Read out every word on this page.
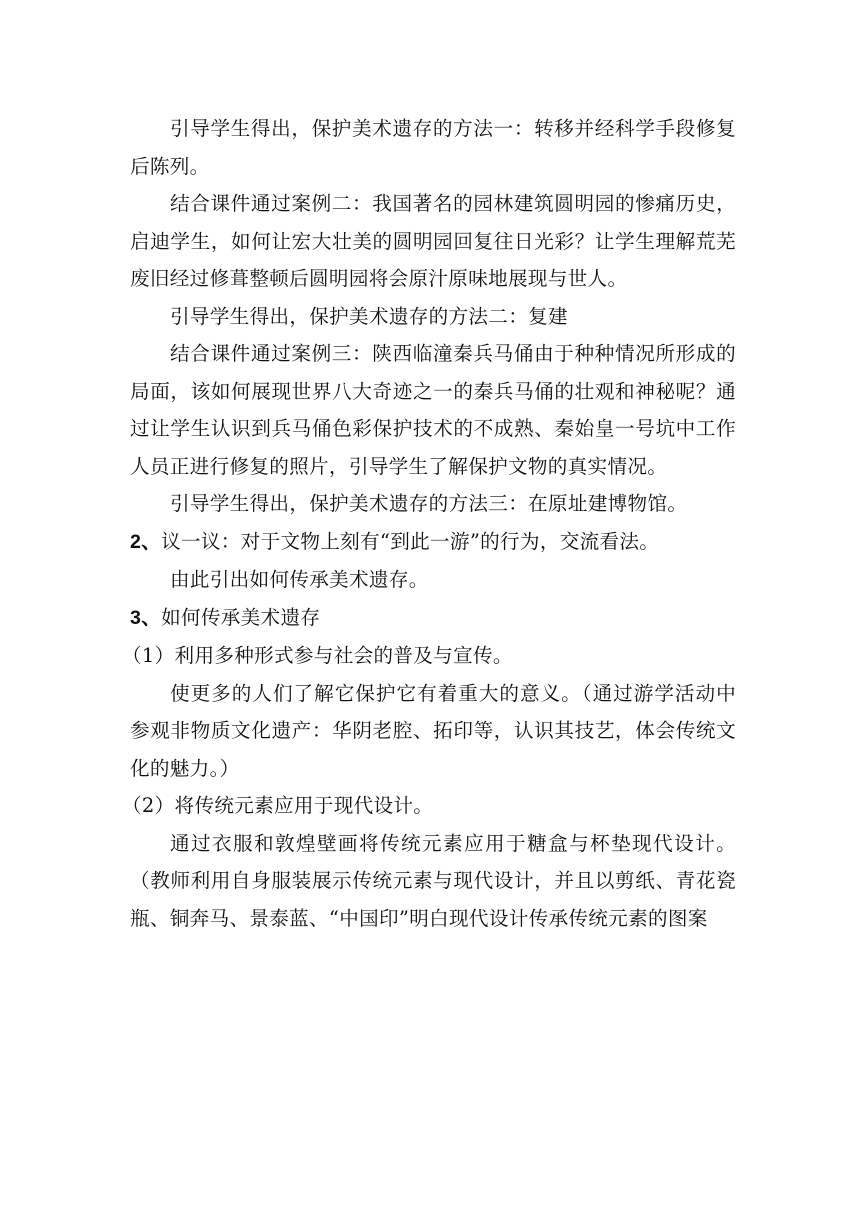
引导学生得出，保护美术遗存的方法一：转移并经科学手段修复后陈列。

结合课件通过案例二：我国著名的园林建筑圆明园的惨痛历史，启迪学生，如何让宏大壮美的圆明园回复往日光彩？让学生理解荒芜废旧经过修葺整顿后圆明园将会原汁原味地展现与世人。

引导学生得出，保护美术遗存的方法二：复建

结合课件通过案例三：陕西临潼秦兵马俑由于种种情况所形成的局面，该如何展现世界八大奇迹之一的秦兵马俑的壮观和神秘呢？通过让学生认识到兵马俑色彩保护技术的不成熟、秦始皇一号坑中工作人员正进行修复的照片，引导学生了解保护文物的真实情况。

引导学生得出，保护美术遗存的方法三：在原址建博物馆。

2、议一议：对于文物上刻有“到此一游”的行为，交流看法。

由此引出如何传承美术遗存。

3、如何传承美术遗存

（1）利用多种形式参与社会的普及与宣传。

使更多的人们了解它保护它有着重大的意义。（通过游学活动中参观非物质文化遗产：华阴老腔、拓印等，认识其技艺，体会传统文化的魅力。）

（2）将传统元素应用于现代设计。

通过衣服和敦煌壁画将传统元素应用于糖盒与杯垫现代设计。（教师利用自身服装展示传统元素与现代设计，并且以剪纸、青花瓷瓶、铜奔马、景泰蓝、“中国印”明白现代设计传承传统元素的图案
